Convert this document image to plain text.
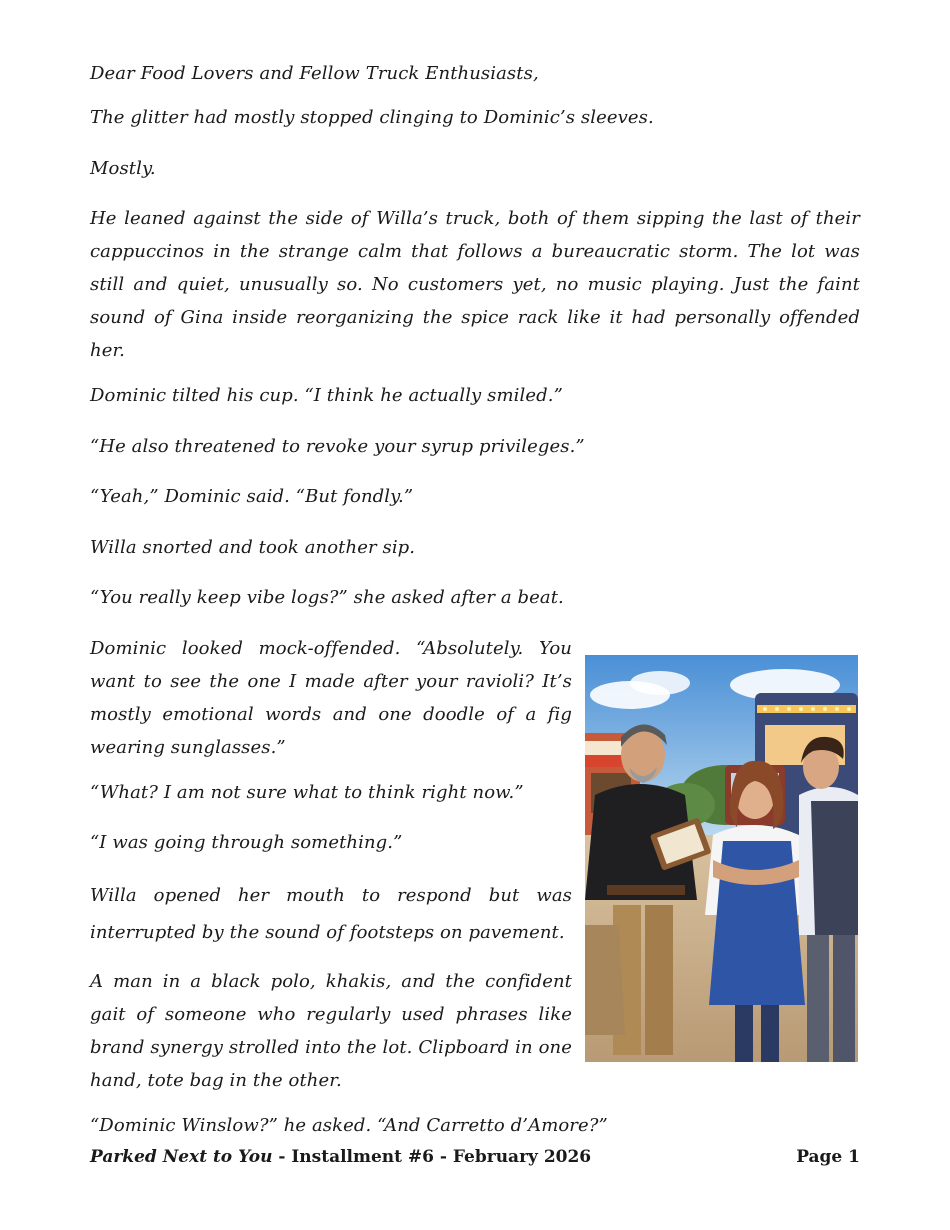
Dear Food Lovers and Fellow Truck Enthusiasts,

The glitter had mostly stopped clinging to Dominic’s sleeves.

Mostly.

He leaned against the side of Willa’s truck, both of them sipping the last of their cappuccinos in the strange calm that follows a bureaucratic storm. The lot was still and quiet, unusually so. No customers yet, no music playing. Just the faint sound of Gina inside reorganizing the spice rack like it had personally offended her.

Dominic tilted his cup. “I think he actually smiled.”

“He also threatened to revoke your syrup privileges.”

“Yeah,” Dominic said. “But fondly.”

Willa snorted and took another sip.

“You really keep vibe logs?” she asked after a beat.

Dominic looked mock-offended. “Absolutely. You want to see the one I made after your ravioli? It’s mostly emotional words and one doodle of a fig wearing sunglasses.”

“What? I am not sure what to think right now.”

“I was going through something.”

Willa opened her mouth to respond but was interrupted by the sound of footsteps on pavement.

A man in a black polo, khakis, and the confident gait of someone who regularly used phrases like brand synergy strolled into the lot. Clipboard in one hand, tote bag in the other.

“Dominic Winslow?” he asked. “And Carretto d’Amore?”

Parked Next to You - Installment #6 - February 2026	Page 1
